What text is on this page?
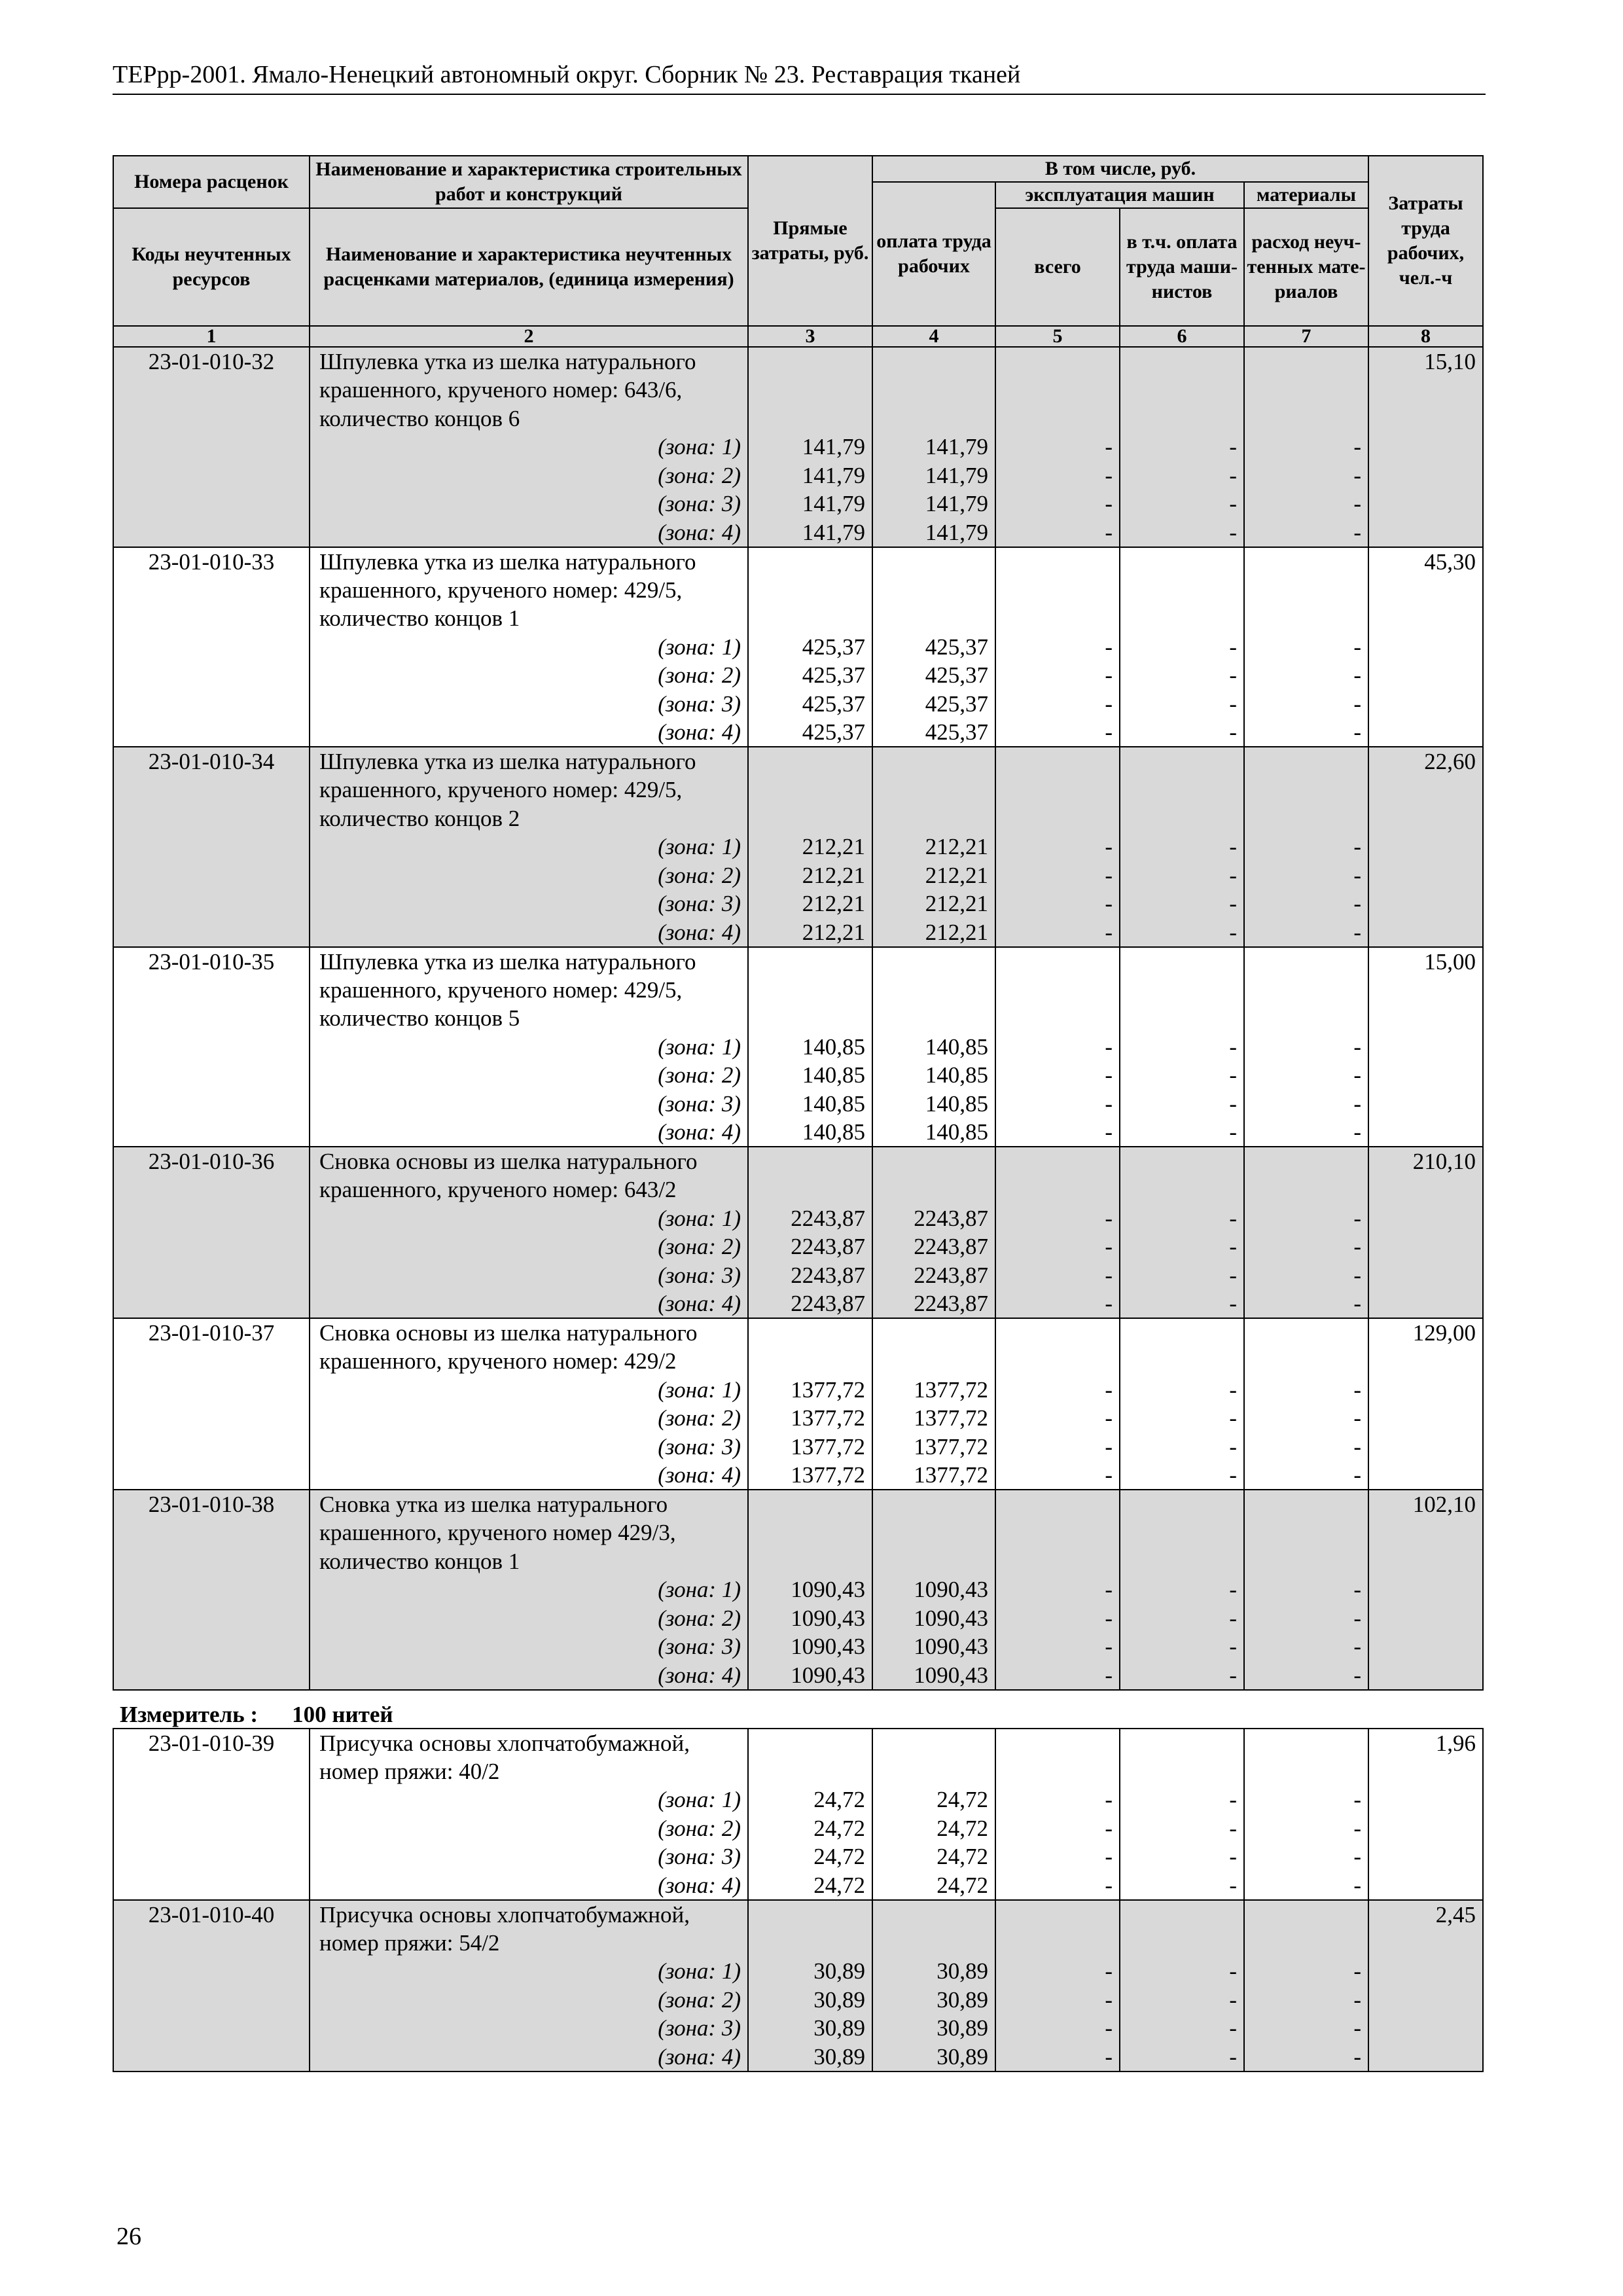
ТЕРрр-2001. Ямало-Ненецкий автономный округ. Сборник № 23. Реставрация тканей
Номера расценок	Наименование и характеристика строительных работ и конструкций	Прямые затраты, руб.	В том числе, руб.				Затраты труда рабочих, чел.-ч
			оплата труда рабочих	эксплуатация машин		материалы	
Коды неучтенных ресурсов	Наименование и характеристика неучтенных расценками материалов, (единица измерения)			всего	в т.ч. оплата труда маши-нистов	расход неуч-тенных мате-риалов	

1	2	3	4	5	6	7	8
23-01-010-32	Шпулевка утка из шелка натурального						15,10
	крашенного, крученого номер: 643/6,						
	количество концов 6						
	(зона: 1)	141,79	141,79	-	-	-	
	(зона: 2)	141,79	141,79	-	-	-	
	(зона: 3)	141,79	141,79	-	-	-	
	(зона: 4)	141,79	141,79	-	-	-	
23-01-010-33	Шпулевка утка из шелка натурального						45,30
	крашенного, крученого номер: 429/5,						
	количество концов 1						
	(зона: 1)	425,37	425,37	-	-	-	
	(зона: 2)	425,37	425,37	-	-	-	
	(зона: 3)	425,37	425,37	-	-	-	
	(зона: 4)	425,37	425,37	-	-	-	
23-01-010-34	Шпулевка утка из шелка натурального						22,60
	крашенного, крученого номер: 429/5,						
	количество концов 2						
	(зона: 1)	212,21	212,21	-	-	-	
	(зона: 2)	212,21	212,21	-	-	-	
	(зона: 3)	212,21	212,21	-	-	-	
	(зона: 4)	212,21	212,21	-	-	-	
23-01-010-35	Шпулевка утка из шелка натурального						15,00
	крашенного, крученого номер: 429/5,						
	количество концов 5						
	(зона: 1)	140,85	140,85	-	-	-	
	(зона: 2)	140,85	140,85	-	-	-	
	(зона: 3)	140,85	140,85	-	-	-	
	(зона: 4)	140,85	140,85	-	-	-	
23-01-010-36	Сновка основы из шелка натурального						210,10
	крашенного, крученого номер: 643/2						
	(зона: 1)	2243,87	2243,87	-	-	-	
	(зона: 2)	2243,87	2243,87	-	-	-	
	(зона: 3)	2243,87	2243,87	-	-	-	
	(зона: 4)	2243,87	2243,87	-	-	-	
23-01-010-37	Сновка основы из шелка натурального						129,00
	крашенного, крученого номер: 429/2						
	(зона: 1)	1377,72	1377,72	-	-	-	
	(зона: 2)	1377,72	1377,72	-	-	-	
	(зона: 3)	1377,72	1377,72	-	-	-	
	(зона: 4)	1377,72	1377,72	-	-	-	
23-01-010-38	Сновка утка из шелка натурального						102,10
	крашенного, крученого номер 429/3,						
	количество концов 1						
	(зона: 1)	1090,43	1090,43	-	-	-	
	(зона: 2)	1090,43	1090,43	-	-	-	
	(зона: 3)	1090,43	1090,43	-	-	-	
	(зона: 4)	1090,43	1090,43	-	-	-	
Измеритель : 100 нитей							
23-01-010-39	Присучка основы хлопчатобумажной,						1,96
	номер пряжи: 40/2						
	(зона: 1)	24,72	24,72	-	-	-	
	(зона: 2)	24,72	24,72	-	-	-	
	(зона: 3)	24,72	24,72	-	-	-	
	(зона: 4)	24,72	24,72	-	-	-	
23-01-010-40	Присучка основы хлопчатобумажной,						2,45
	номер пряжи: 54/2						
	(зона: 1)	30,89	30,89	-	-	-	
	(зона: 2)	30,89	30,89	-	-	-	
	(зона: 3)	30,89	30,89	-	-	-	
	(зона: 4)	30,89	30,89	-	-	-	
26
